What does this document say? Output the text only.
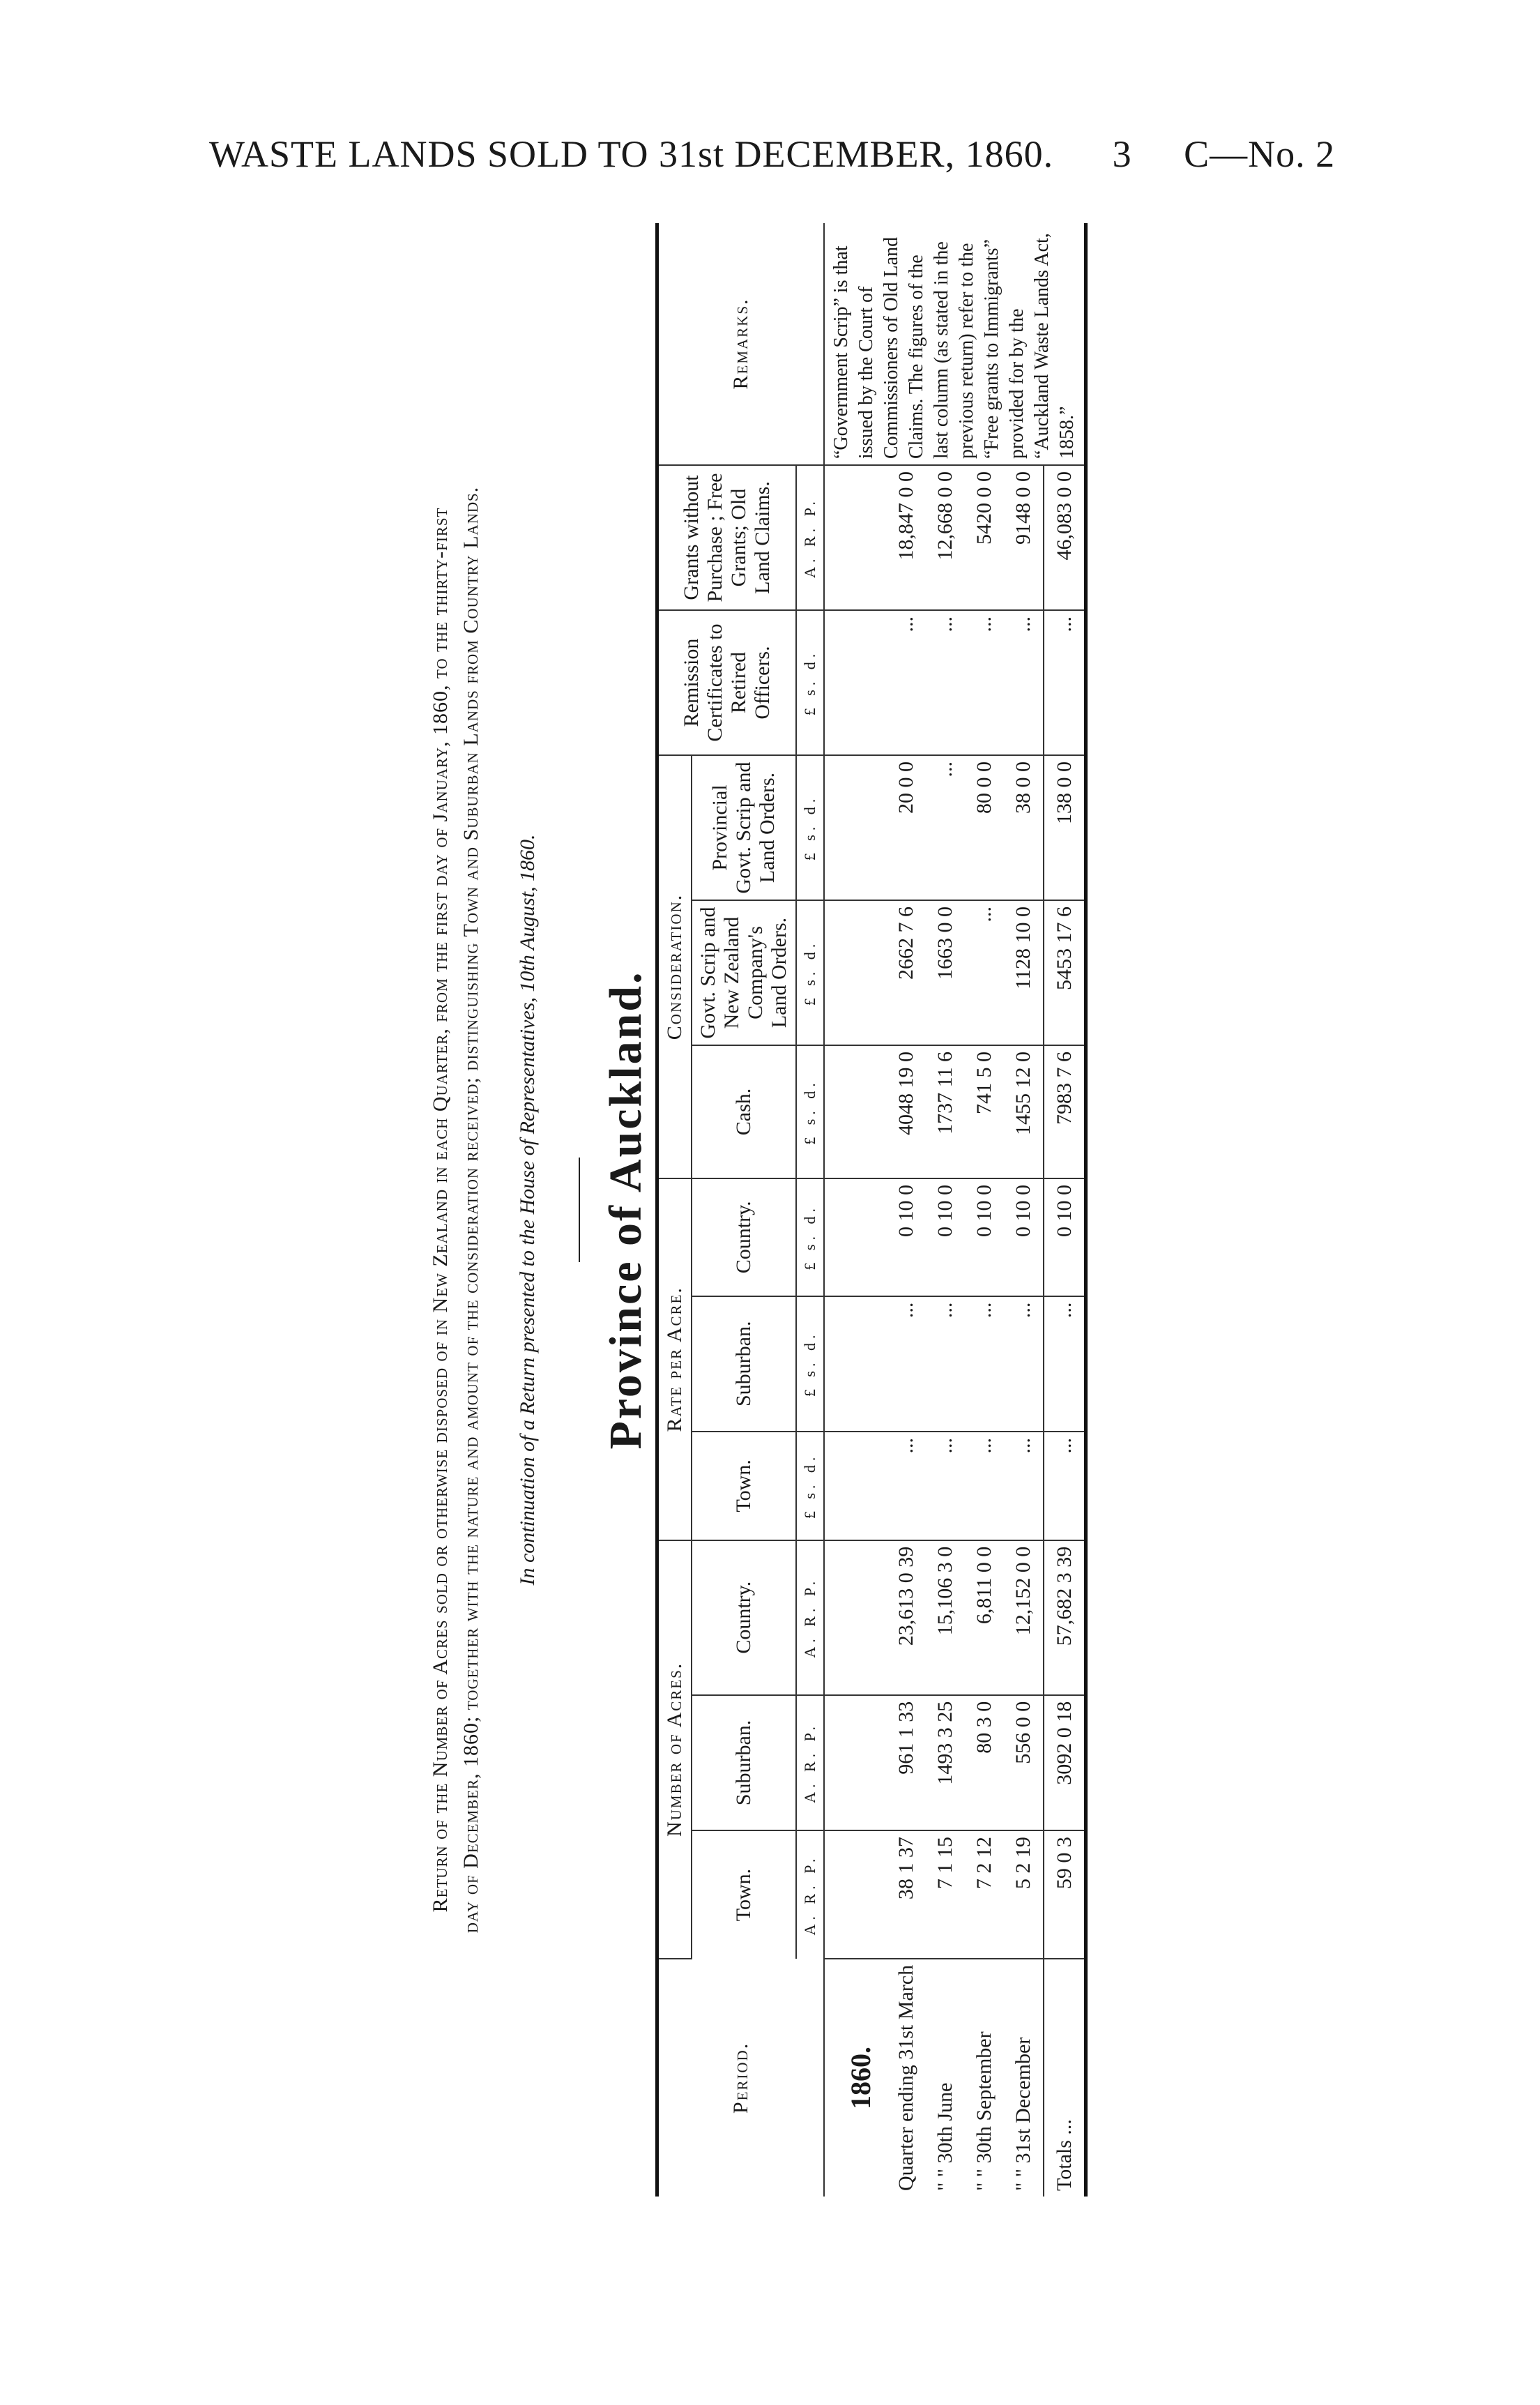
WASTE LANDS SOLD TO 31st DECEMBER, 1860. 3 C—No. 2
Return of the Number of Acres sold or otherwise disposed of in New Zealand in each Quarter, from the first day of January, 1860, to the thirty-first day of December, 1860; together with the nature and amount of the consideration received; distinguishing Town and Suburban Lands from Country Lands. In continuation of a Return presented to the House of Representatives, 10th August, 1860. Province of Auckland.
Period.	Number of Acres.			Rate per Acre.			Consideration.			Remission Certificates to Retired Officers.	Grants without Purchase ; Free Grants; Old Land Claims.	Remarks.
	Town.	Suburban.	Country.	Town.	Suburban.	Country.	Cash.	Govt. Scrip and New Zealand Company's Land Orders.	Provincial Govt. Scrip and Land Orders.			
	A. R. P.	A. R. P.	A. R. P.	£ s. d.	£ s. d.	£ s. d.	£ s. d.	£ s. d.	£ s. d.	£ s. d.	A. R. P.	
1860.												“Government Scrip” is that issued by the Court of Commissioners of Old Land Claims. The figures of the last column (as stated in the previous return) refer to the “Free grants to Immigrants” provided for by the “Auckland Waste Lands Act, 1858.”
Quarter ending 31st March	38 1 37	961 1 33	23,613 0 39	...	...	0 10 0	4048 19 0	2662 7 6	20 0 0	...	18,847 0 0	
" " 30th June	7 1 15	1493 3 25	15,106 3 0	...	...	0 10 0	1737 11 6	1663 0 0	...	...	12,668 0 0	
" " 30th September	7 2 12	80 3 0	6,811 0 0	...	...	0 10 0	741 5 0	...	80 0 0	...	5420 0 0	
" " 31st December	5 2 19	556 0 0	12,152 0 0	...	...	0 10 0	1455 12 0	1128 10 0	38 0 0	...	9148 0 0	
Totals ...	59 0 3	3092 0 18	57,682 3 39	...	...	0 10 0	7983 7 6	5453 17 6	138 0 0	...	46,083 0 0	
